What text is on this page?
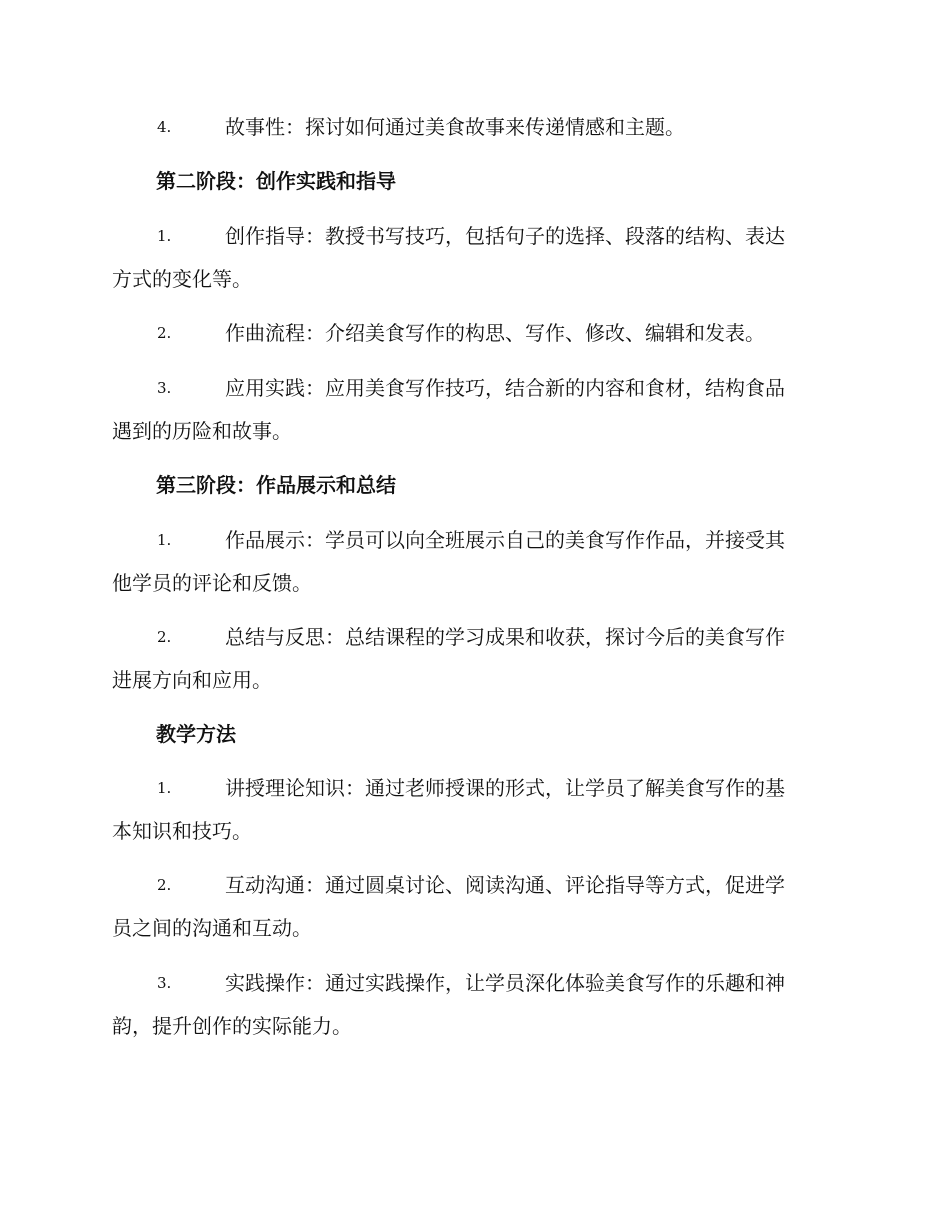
4.	故事性：探讨如何通过美食故事来传递情感和主题。

第二阶段：创作实践和指导

1.	创作指导：教授书写技巧，包括句子的选择、段落的结构、表达
方式的变化等。

2.	作曲流程：介绍美食写作的构思、写作、修改、编辑和发表。

3.	应用实践：应用美食写作技巧，结合新的内容和食材，结构食品
遇到的历险和故事。

第三阶段：作品展示和总结

1.	作品展示：学员可以向全班展示自己的美食写作作品，并接受其
他学员的评论和反馈。

2.	总结与反思：总结课程的学习成果和收获，探讨今后的美食写作
进展方向和应用。

教学方法

1.	讲授理论知识：通过老师授课的形式，让学员了解美食写作的基
本知识和技巧。

2.	互动沟通：通过圆桌讨论、阅读沟通、评论指导等方式，促进学
员之间的沟通和互动。

3.	实践操作：通过实践操作，让学员深化体验美食写作的乐趣和神
韵，提升创作的实际能力。
